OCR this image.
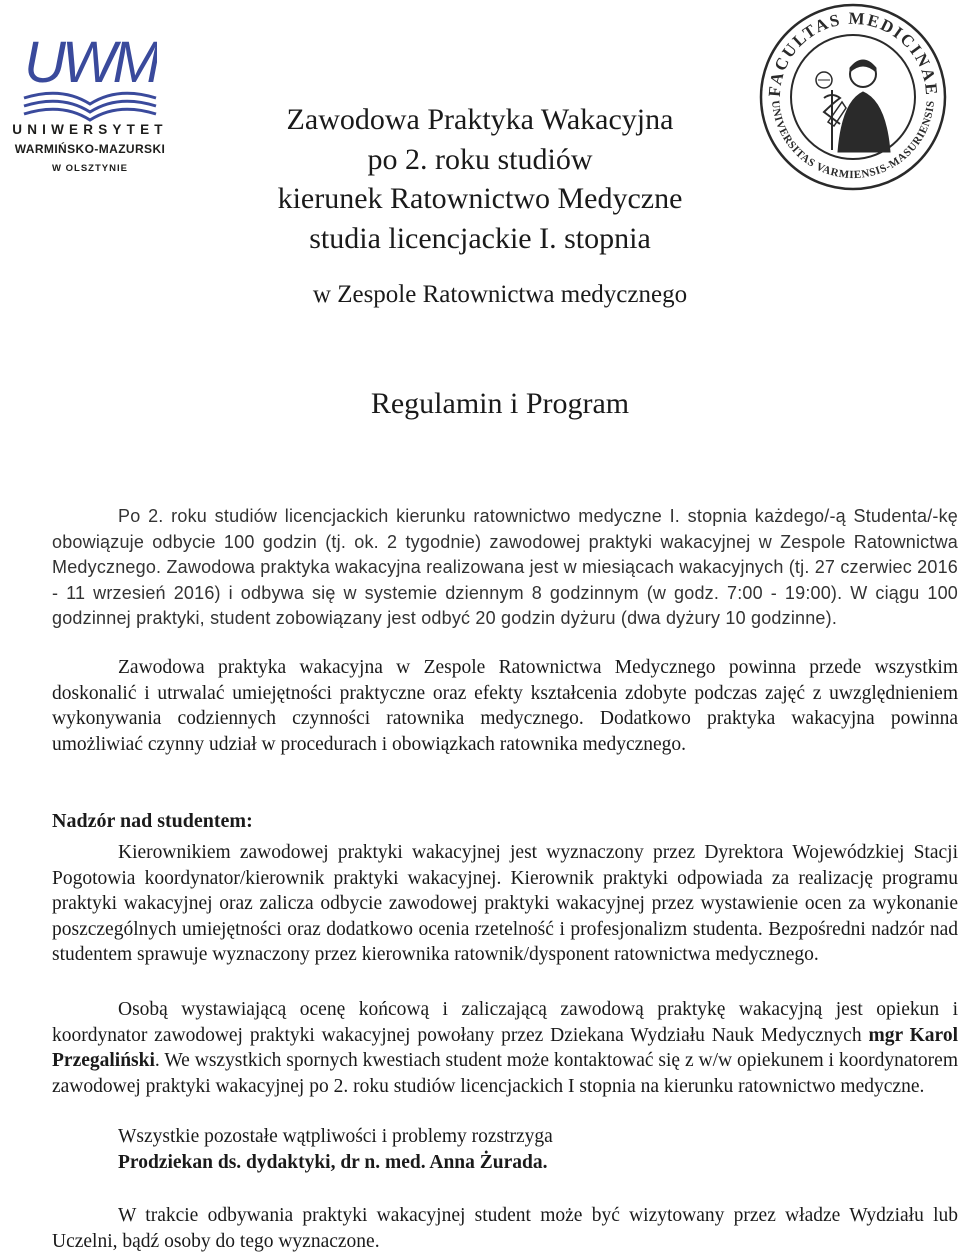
UWM
UNIWERSYTET
WARMIŃSKO-MAZURSKI
W OLSZTYNIE
FACULTAS MEDICINAE
UNIVERSITAS VARMIENSIS-MASURIENSIS
Zawodowa Praktyka Wakacyjna
po 2. roku studiów
kierunek Ratownictwo Medyczne
studia licencjackie I. stopnia
w Zespole Ratownictwa medycznego
Regulamin i Program

Po 2. roku studiów licencjackich kierunku ratownictwo medyczne I. stopnia każdego/-ą Studenta/-kę obowiązuje odbycie 100 godzin (tj. ok. 2 tygodnie) zawodowej praktyki wakacyjnej w Zespole Ratownictwa Medycznego. Zawodowa praktyka wakacyjna realizowana jest w miesiącach wakacyjnych (tj. 27 czerwiec 2016 - 11 wrzesień 2016) i odbywa się w systemie dziennym 8 godzinnym (w godz. 7:00 - 19:00). W ciągu 100 godzinnej praktyki, student zobowiązany jest odbyć 20 godzin dyżuru (dwa dyżury 10 godzinne).

Zawodowa praktyka wakacyjna w Zespole Ratownictwa Medycznego powinna przede wszystkim doskonalić i utrwalać umiejętności praktyczne oraz efekty kształcenia zdobyte podczas zajęć z uwzględnieniem wykonywania codziennych czynności ratownika medycznego. Dodatkowo praktyka wakacyjna powinna umożliwiać czynny udział w procedurach i obowiązkach ratownika medycznego.

Nadzór nad studentem:

Kierownikiem zawodowej praktyki wakacyjnej jest wyznaczony przez Dyrektora Wojewódzkiej Stacji Pogotowia koordynator/kierownik praktyki wakacyjnej. Kierownik praktyki odpowiada za realizację programu praktyki wakacyjnej oraz zalicza odbycie zawodowej praktyki wakacyjnej przez wystawienie ocen za wykonanie poszczególnych umiejętności oraz dodatkowo ocenia rzetelność i profesjonalizm studenta. Bezpośredni nadzór nad studentem sprawuje wyznaczony przez kierownika ratownik/dysponent ratownictwa medycznego.

Osobą wystawiającą ocenę końcową i zaliczającą zawodową praktykę wakacyjną jest opiekun i koordynator zawodowej praktyki wakacyjnej powołany przez Dziekana Wydziału Nauk Medycznych mgr Karol Przegaliński. We wszystkich spornych kwestiach student może kontaktować się z w/w opiekunem i koordynatorem zawodowej praktyki wakacyjnej po 2. roku studiów licencjackich I stopnia na kierunku ratownictwo medyczne.

Wszystkie pozostałe wątpliwości i problemy rozstrzyga

Prodziekan ds. dydaktyki, dr n. med. Anna Żurada.

W trakcie odbywania praktyki wakacyjnej student może być wizytowany przez władze Wydziału lub Uczelni, bądź osoby do tego wyznaczone.
